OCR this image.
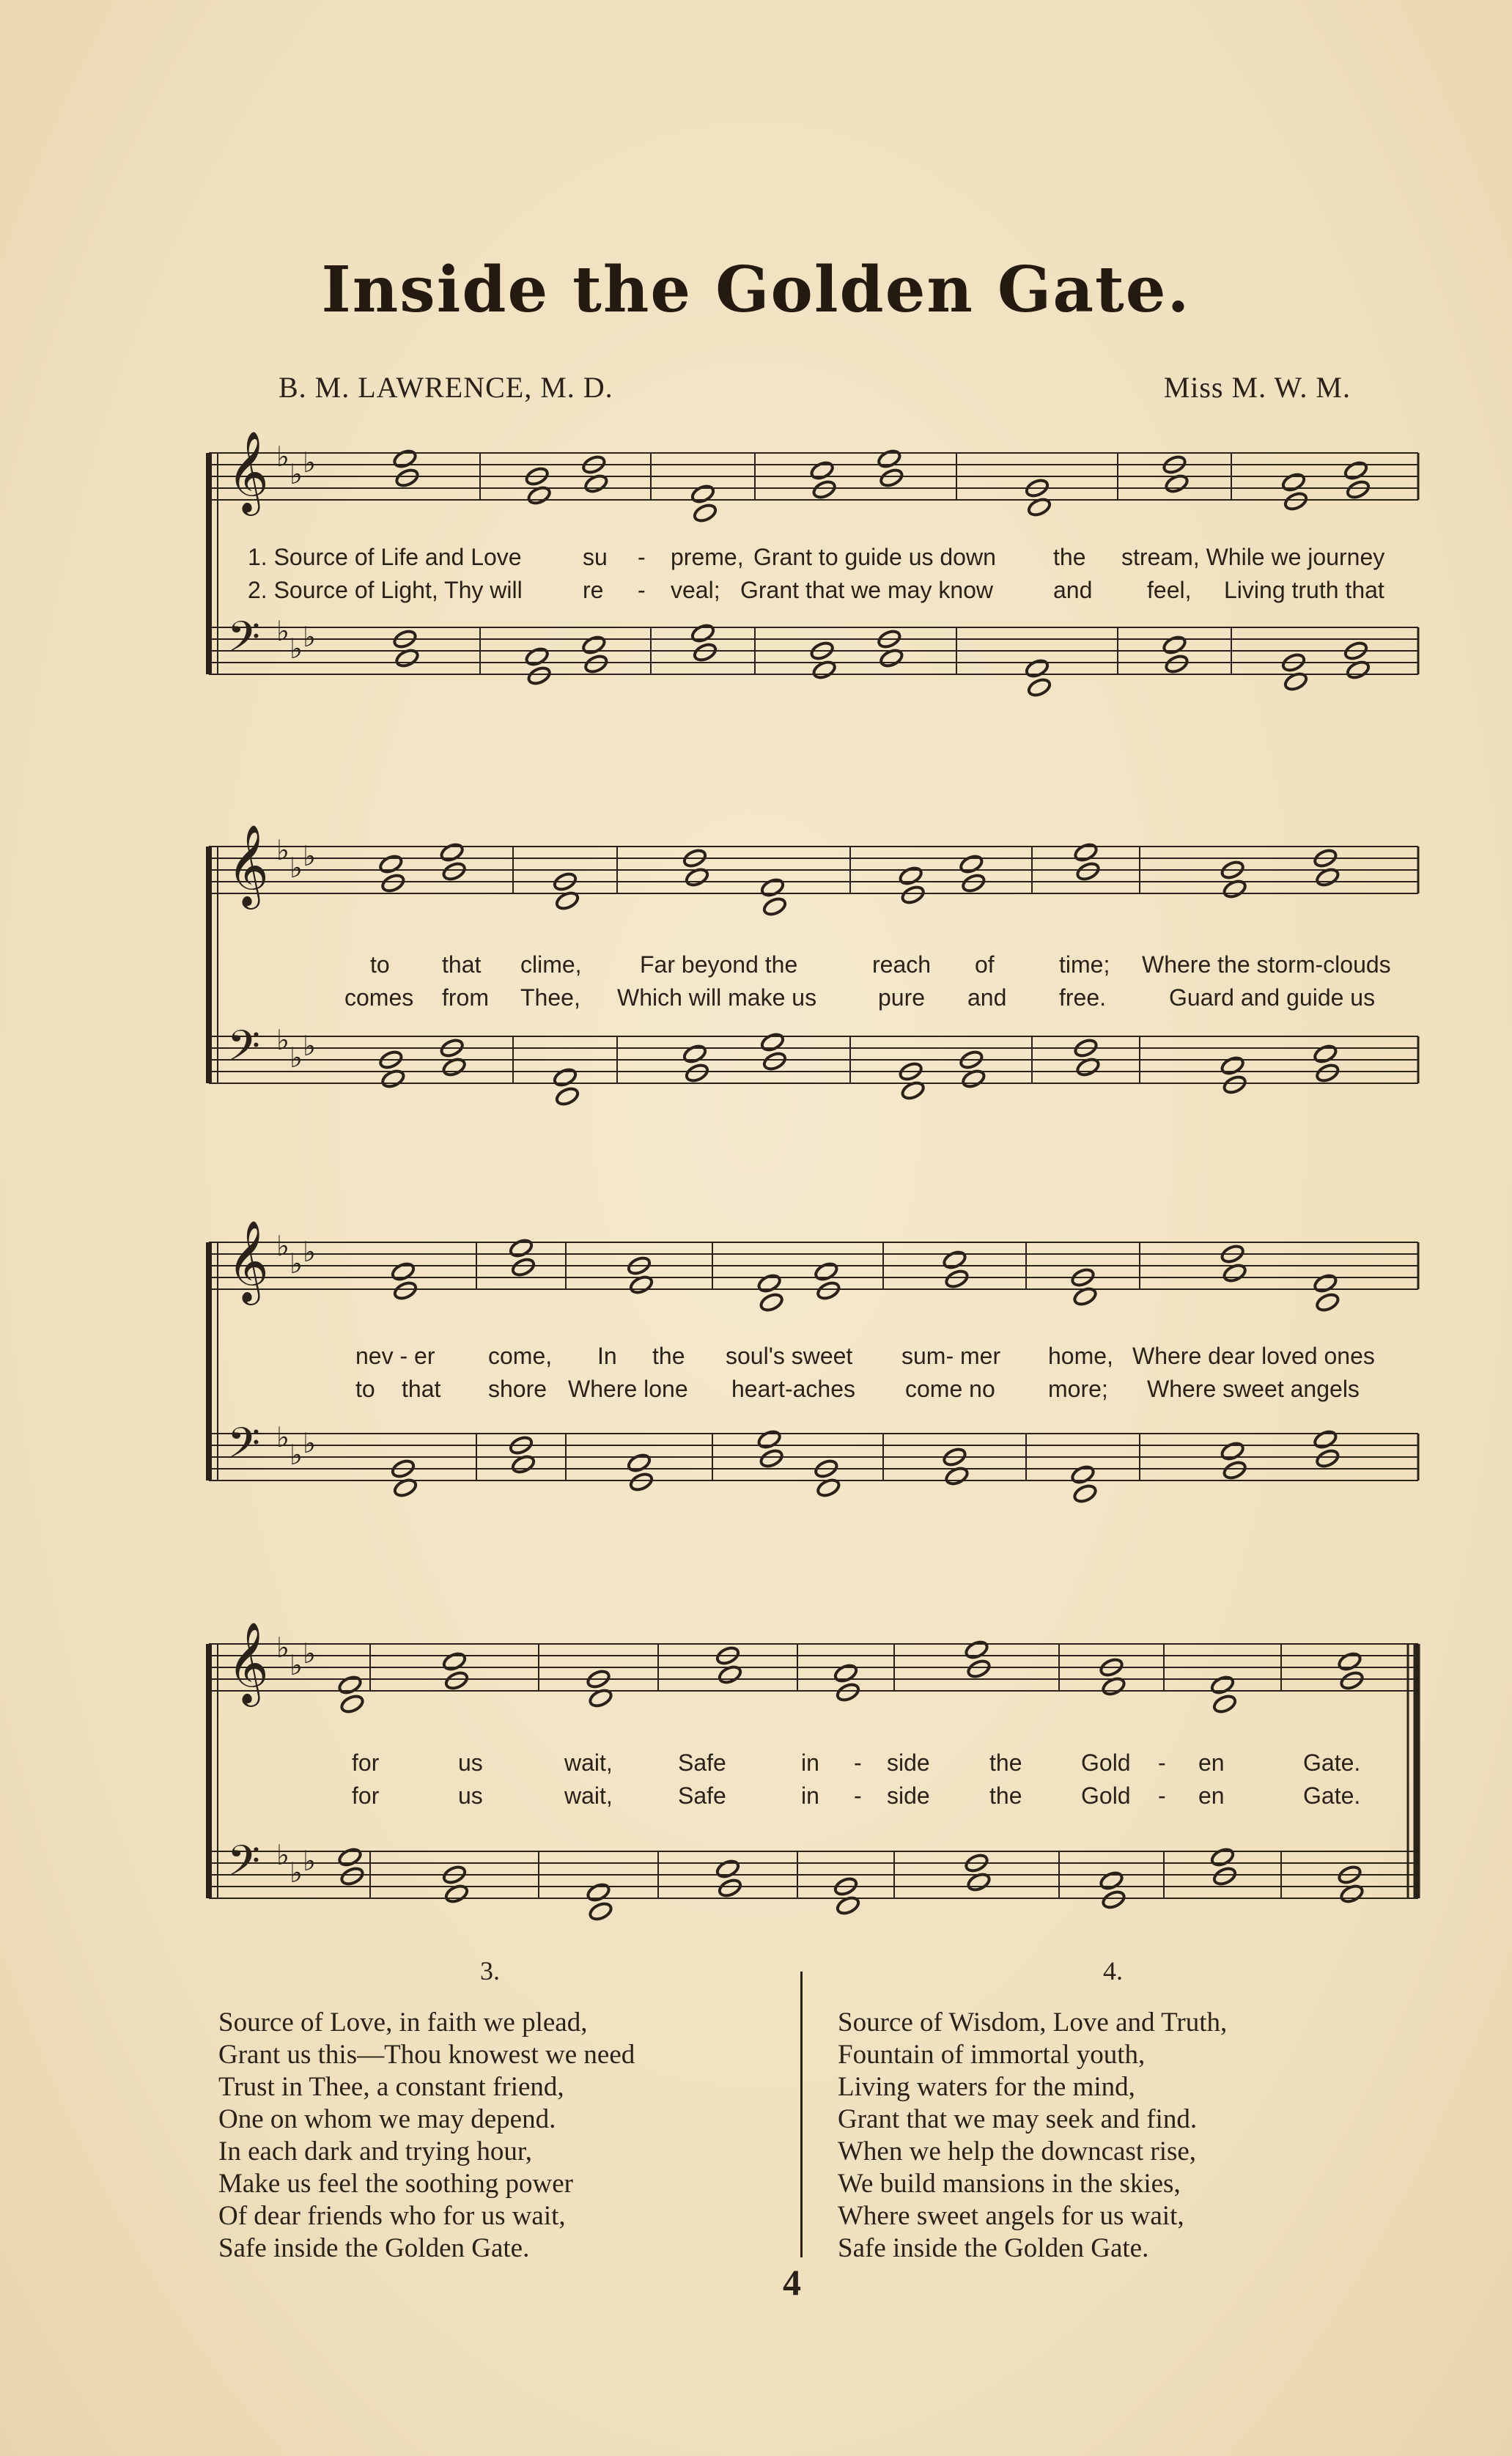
Inside the Golden Gate.
B. M. LAWRENCE, M. D.	Miss M. W. M.
𝄞 ♭
♭ ♭
𝄢 ♭
♭ ♭
𝄞 ♭
♭ ♭
𝄢 ♭
♭ ♭
𝄞 ♭
♭ ♭
𝄢 ♭
♭ ♭
𝄞 ♭
♭ ♭
𝄢 ♭
♭ ♭
1. Source of Life and Love	su - preme, Grant to guide us down the stream, While we journey
2. Source of Light, Thy will	re - veal; Grant that we may know	and feel, Living truth that
to that clime, Far beyond the	reach of	time; Where the storm-clouds
comes from Thee, Which will make us	pure and free.	Guard and guide us
nev - er come, In the soul's sweet sum- mer home, Where dear loved ones
to that shore Where lone heart-aches come no more; Where sweet angels
for	us	wait,	Safe	in - side	the	Gold - en	Gate.
for	us	wait,	Safe	in - side	the	Gold - en	Gate.
3.
Source of Love, in faith we plead,
Grant us this—Thou knowest we need
Trust in Thee, a constant friend,
One on whom we may depend.
In each dark and trying hour,
Make us feel the soothing power
Of dear friends who for us wait,
Safe inside the Golden Gate.
4.
Source of Wisdom, Love and Truth,
Fountain of immortal youth,
Living waters for the mind,
Grant that we may seek and find.
When we help the downcast rise,
We build mansions in the skies,
Where sweet angels for us wait,
Safe inside the Golden Gate.
4
